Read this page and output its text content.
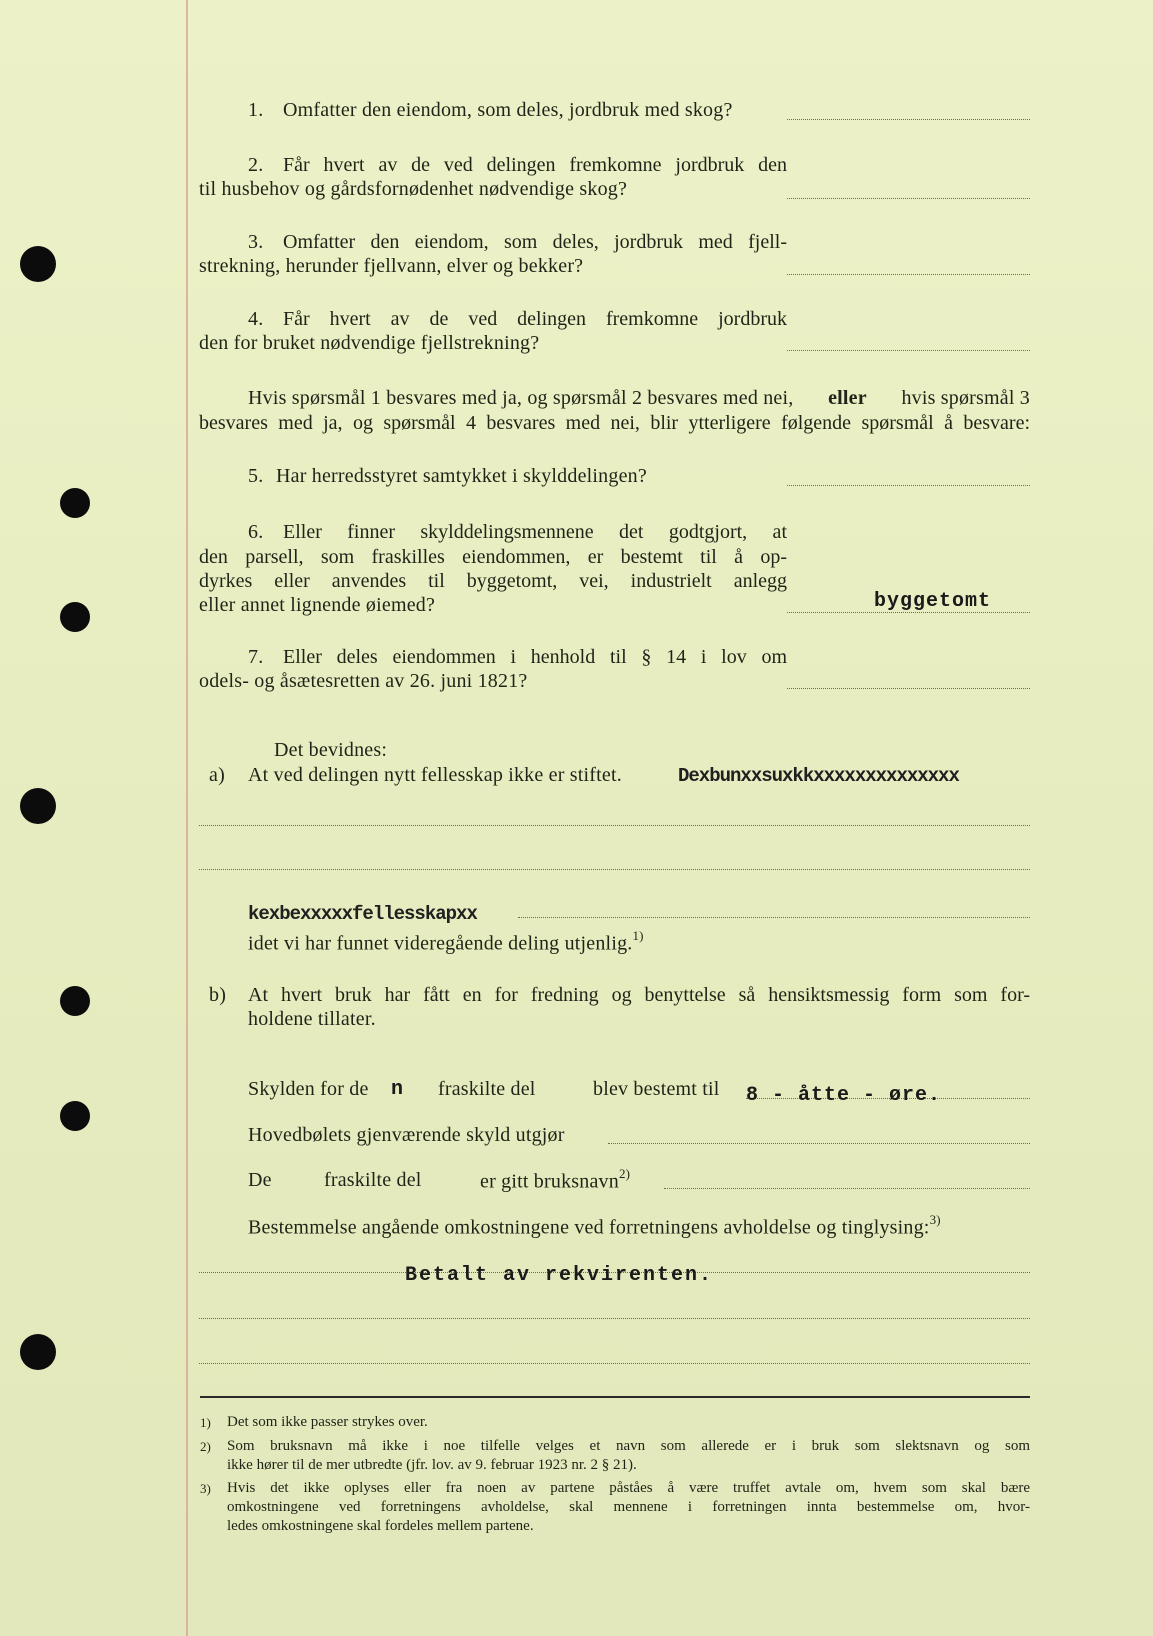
1. Omfatter den eiendom, som deles, jordbruk med skog?
2. Får hvert av de ved delingen fremkomne jordbruk den
til husbehov og gårdsfornødenhet nødvendige skog?
3. Omfatter den eiendom, som deles, jordbruk med fjell-
strekning, herunder fjellvann, elver og bekker?
4. Får hvert av de ved delingen fremkomne jordbruk
den for bruket nødvendige fjellstrekning?
Hvis spørsmål 1 besvares med ja, og spørsmål 2 besvares med nei, eller hvis spørsmål 3
besvares med ja, og spørsmål 4 besvares med nei, blir ytterligere følgende spørsmål å besvare:
5. Har herredsstyret samtykket i skylddelingen?
6. Eller finner skylddelingsmennene det godtgjort, at
den parsell, som fraskilles eiendommen, er bestemt til å op-
dyrkes eller anvendes til byggetomt, vei, industrielt anlegg
eller annet lignende øiemed?	byggetomt
7. Eller deles eiendommen i henhold til § 14 i lov om
odels- og åsætesretten av 26. juni 1821?
Det bevidnes:
a) At ved delingen nytt fellesskap ikke er stiftet.	Dexbunxxsuxkkxxxxxxxxxxxxxx
kexbexxxxxfellesskapxx
idet vi har funnet videregående deling utjenlig.$^{1)}$
b) At hvert bruk har fått en for fredning og benyttelse så hensiktsmessig form som for-
holdene tillater.
Skylden for de n fraskilte del	blev bestemt til 8 - åtte - øre.
Hovedbølets gjenværende skyld utgjør
De	fraskilte del	er gitt bruksnavn$^{2)}$
Bestemmelse angående omkostningene ved forretningens avholdelse og tinglysing:$^{3)}$
Betalt av rekvirenten.
1) Det som ikke passer strykes over.
2) Som bruksnavn må ikke i noe tilfelle velges et navn som allerede er i bruk som slektsnavn og som
ikke hører til de mer utbredte (jfr. lov. av 9. februar 1923 nr. 2 § 21).
3) Hvis det ikke oplyses eller fra noen av partene påståes å være truffet avtale om, hvem som skal bære
omkostningene ved forretningens avholdelse, skal mennene i forretningen innta bestemmelse om, hvor-
ledes omkostningene skal fordeles mellem partene.
